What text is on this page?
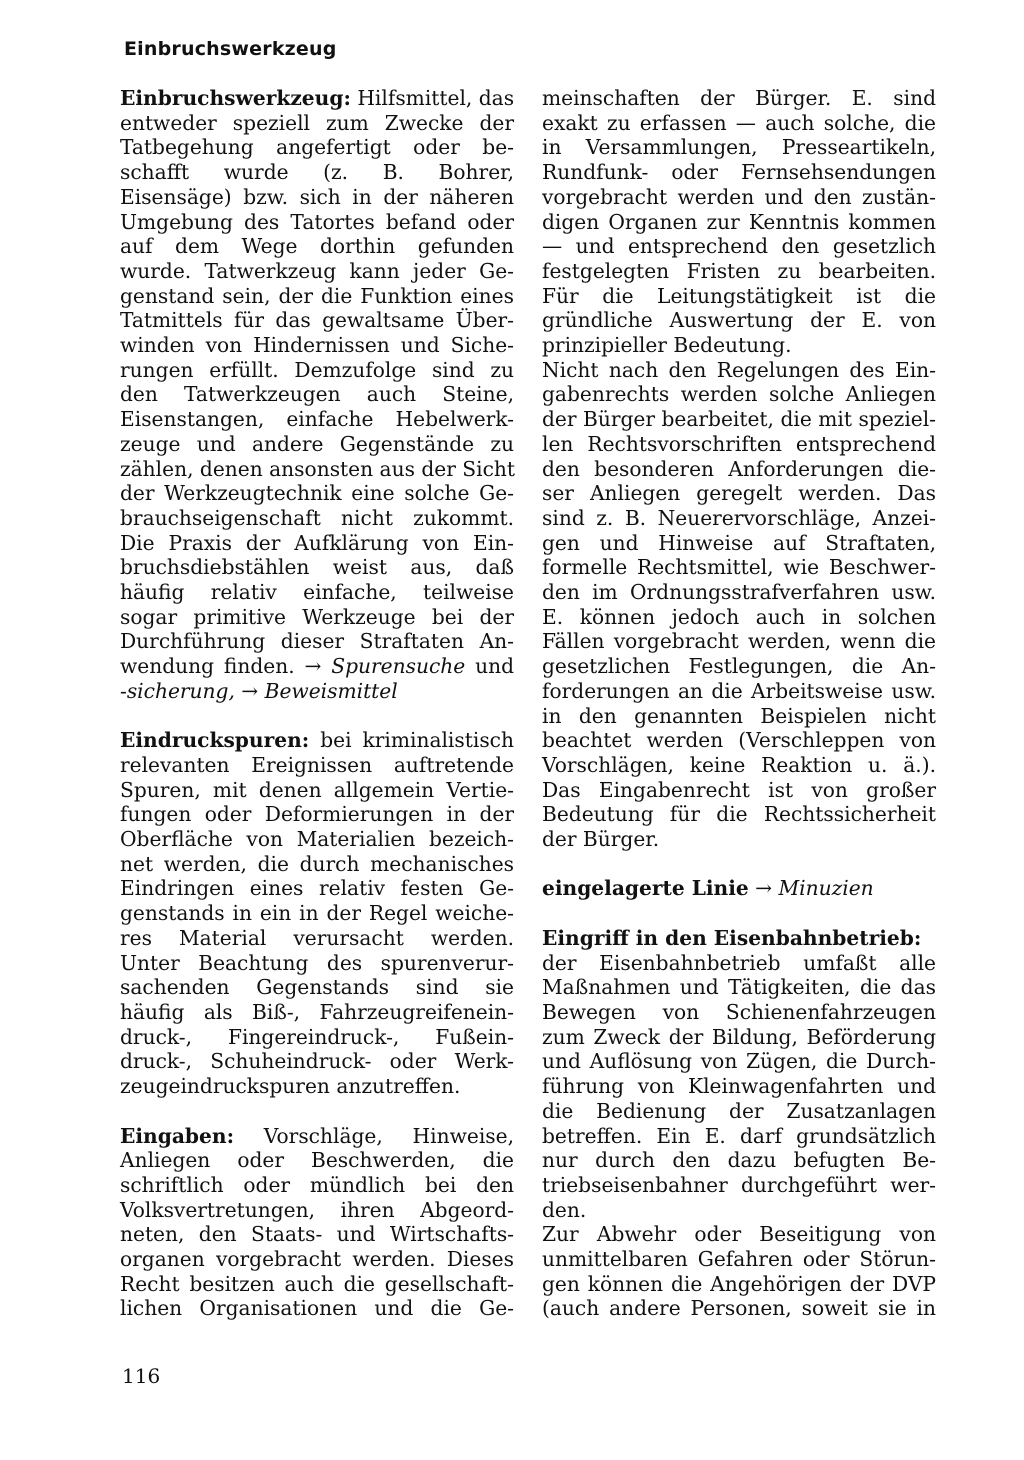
Einbruchswerkzeug
Einbruchswerkzeug: Hilfsmittel, das
entweder speziell zum Zwecke der
Tatbegehung angefertigt oder be-
schafft wurde (z. B. Bohrer,
Eisensäge) bzw. sich in der näheren
Umgebung des Tatortes befand oder
auf dem Wege dorthin gefunden
wurde. Tatwerkzeug kann jeder Ge-
genstand sein, der die Funktion eines
Tatmittels für das gewaltsame Über-
winden von Hindernissen und Siche-
rungen erfüllt. Demzufolge sind zu
den Tatwerkzeugen auch Steine,
Eisenstangen, einfache Hebelwerk-
zeuge und andere Gegenstände zu
zählen, denen ansonsten aus der Sicht
der Werkzeugtechnik eine solche Ge-
brauchseigenschaft nicht zukommt.
Die Praxis der Aufklärung von Ein-
bruchsdiebstählen weist aus, daß
häufig relativ einfache, teilweise
sogar primitive Werkzeuge bei der
Durchführung dieser Straftaten An-
wendung finden. → Spurensuche und
-sicherung, → Beweismittel
Eindruckspuren: bei kriminalistisch
relevanten Ereignissen auftretende
Spuren, mit denen allgemein Vertie-
fungen oder Deformierungen in der
Oberfläche von Materialien bezeich-
net werden, die durch mechanisches
Eindringen eines relativ festen Ge-
genstands in ein in der Regel weiche-
res Material verursacht werden.
Unter Beachtung des spurenverur-
sachenden Gegenstands sind sie
häufig als Biß-, Fahrzeugreifenein-
druck-, Fingereindruck-, Fußein-
druck-, Schuheindruck- oder Werk-
zeugeindruckspuren anzutreffen.
Eingaben: Vorschläge, Hinweise,
Anliegen oder Beschwerden, die
schriftlich oder mündlich bei den
Volksvertretungen, ihren Abgeord-
neten, den Staats- und Wirtschafts-
organen vorgebracht werden. Dieses
Recht besitzen auch die gesellschaft-
lichen Organisationen und die Ge-
meinschaften der Bürger. E. sind
exakt zu erfassen — auch solche, die
in Versammlungen, Presseartikeln,
Rundfunk- oder Fernsehsendungen
vorgebracht werden und den zustän-
digen Organen zur Kenntnis kommen
— und entsprechend den gesetzlich
festgelegten Fristen zu bearbeiten.
Für die Leitungstätigkeit ist die
gründliche Auswertung der E. von
prinzipieller Bedeutung.
Nicht nach den Regelungen des Ein-
gabenrechts werden solche Anliegen
der Bürger bearbeitet, die mit speziel-
len Rechtsvorschriften entsprechend
den besonderen Anforderungen die-
ser Anliegen geregelt werden. Das
sind z. B. Neuerervorschläge, Anzei-
gen und Hinweise auf Straftaten,
formelle Rechtsmittel, wie Beschwer-
den im Ordnungsstrafverfahren usw.
E. können jedoch auch in solchen
Fällen vorgebracht werden, wenn die
gesetzlichen Festlegungen, die An-
forderungen an die Arbeitsweise usw.
in den genannten Beispielen nicht
beachtet werden (Verschleppen von
Vorschlägen, keine Reaktion u. ä.).
Das Eingabenrecht ist von großer
Bedeutung für die Rechtssicherheit
der Bürger.
eingelagerte Linie → Minuzien
Eingriff in den Eisenbahnbetrieb:
der Eisenbahnbetrieb umfaßt alle
Maßnahmen und Tätigkeiten, die das
Bewegen von Schienenfahrzeugen
zum Zweck der Bildung, Beförderung
und Auflösung von Zügen, die Durch-
führung von Kleinwagenfahrten und
die Bedienung der Zusatzanlagen
betreffen. Ein E. darf grundsätzlich
nur durch den dazu befugten Be-
triebseisenbahner durchgeführt wer-
den.
Zur Abwehr oder Beseitigung von
unmittelbaren Gefahren oder Störun-
gen können die Angehörigen der DVP
(auch andere Personen, soweit sie in
116
